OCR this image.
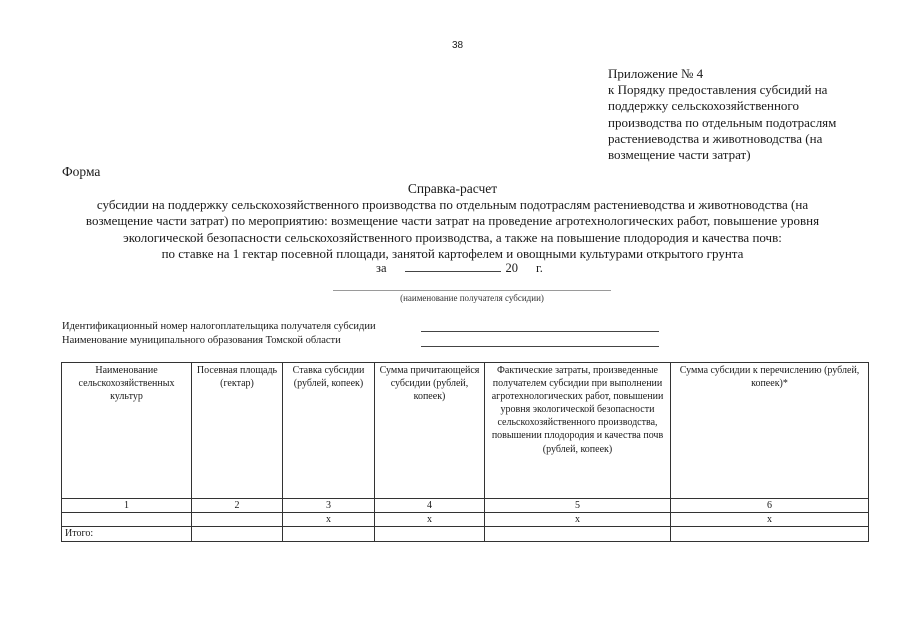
38
Приложение № 4
к Порядку предоставления субсидий на
поддержку сельскохозяйственного
производства по отдельным подотраслям
растениеводства и животноводства (на
возмещение части затрат)
Форма
Справка-расчет
субсидии на поддержку сельскохозяйственного производства по отдельным подотраслям растениеводства и животноводства (на
возмещение части затрат) по мероприятию: возмещение части затрат на проведение агротехнологических работ, повышение уровня
экологической безопасности сельскохозяйственного производства, а также на повышение плодородия и качества почв:
по ставке на 1 гектар посевной площади, занятой картофелем и овощными культурами открытого грунта
за	20 г.
(наименование получателя субсидии)
Идентификационный номер налогоплательщика получателя субсидии
Наименование муниципального образования Томской области
Наименование сельскохозяйственных культур	Посевная площадь (гектар)	Ставка субсидии (рублей, копеек)	Сумма причитающейся субсидии (рублей, копеек)	Фактические затраты, произведенные получателем субсидии при выполнении агротехнологических работ, повышении уровня экологической безопасности сельскохозяйственного производства, повышении плодородия и качества почв (рублей, копеек)	Сумма субсидии к перечислению (рублей, копеек)*
1	2	3	4	5	6
		x	x	x	x
Итого:					
